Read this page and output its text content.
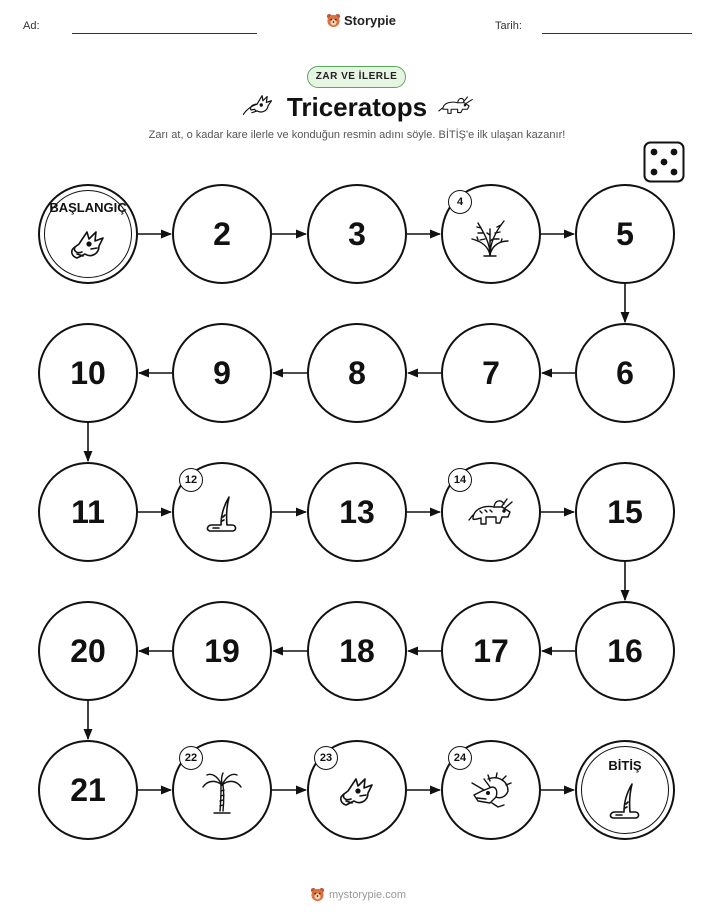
Ad:	Storypie	Tarih:
ZAR VE İLERLE
Triceratops
Zarı at, o kadar kare ilerle ve konduğun resmin adını söyle. BİTİŞ'e ilk ulaşan kazanır!
BAŞLANGIÇ
2	3
4
5
6
7
8
9
10
11
12
13
14
15
16
17
18
19
20
21
22	23	24	BİTİŞ
mystorypie.com
